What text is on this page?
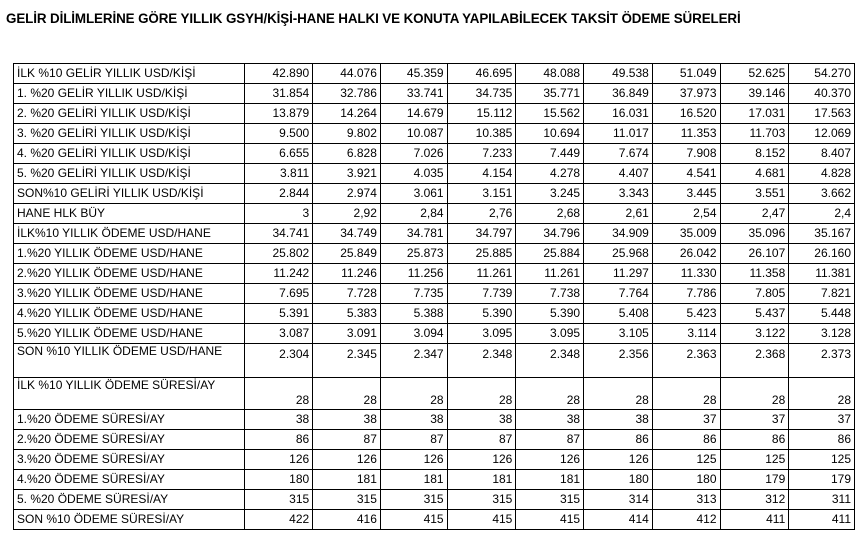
GELİR DİLİMLERİNE GÖRE YILLIK GSYH/KİŞİ-HANE HALKI VE KONUTA YAPILABİLECEK TAKSİT ÖDEME SÜRELERİ
İLK %10 GELİR YILLIK USD/KİŞİ	42.890	44.076	45.359	46.695	48.088	49.538	51.049	52.625	54.270
1. %20 GELİR YILLIK USD/KİŞİ	31.854	32.786	33.741	34.735	35.771	36.849	37.973	39.146	40.370
2. %20 GELİRİ YILLIK USD/KİŞİ	13.879	14.264	14.679	15.112	15.562	16.031	16.520	17.031	17.563
3. %20 GELİRİ YILLIK USD/KİŞİ	9.500	9.802	10.087	10.385	10.694	11.017	11.353	11.703	12.069
4. %20 GELİRİ YILLIK USD/KİŞİ	6.655	6.828	7.026	7.233	7.449	7.674	7.908	8.152	8.407
5. %20 GELİRİ YILLIK USD/KİŞİ	3.811	3.921	4.035	4.154	4.278	4.407	4.541	4.681	4.828
SON%10 GELİRİ YILLIK USD/KİŞİ	2.844	2.974	3.061	3.151	3.245	3.343	3.445	3.551	3.662
HANE HLK BÜY	3	2,92	2,84	2,76	2,68	2,61	2,54	2,47	2,4
İLK%10 YILLIK ÖDEME USD/HANE	34.741	34.749	34.781	34.797	34.796	34.909	35.009	35.096	35.167
1.%20 YILLIK ÖDEME USD/HANE	25.802	25.849	25.873	25.885	25.884	25.968	26.042	26.107	26.160
2.%20 YILLIK ÖDEME USD/HANE	11.242	11.246	11.256	11.261	11.261	11.297	11.330	11.358	11.381
3.%20 YILLIK ÖDEME USD/HANE	7.695	7.728	7.735	7.739	7.738	7.764	7.786	7.805	7.821
4.%20 YILLIK ÖDEME USD/HANE	5.391	5.383	5.388	5.390	5.390	5.408	5.423	5.437	5.448
5.%20 YILLIK ÖDEME USD/HANE	3.087	3.091	3.094	3.095	3.095	3.105	3.114	3.122	3.128
SON %10 YILLIK ÖDEME USD/HANE	2.304	2.345	2.347	2.348	2.348	2.356	2.363	2.368	2.373
İLK %10 YILLIK ÖDEME SÜRESİ/AY	28	28	28	28	28	28	28	28	28
1.%20 ÖDEME SÜRESİ/AY	38	38	38	38	38	38	37	37	37
2.%20 ÖDEME SÜRESİ/AY	86	87	87	87	87	86	86	86	86
3.%20 ÖDEME SÜRESİ/AY	126	126	126	126	126	126	125	125	125
4.%20 ÖDEME SÜRESİ/AY	180	181	181	181	181	180	180	179	179
5. %20 ÖDEME SÜRESİ/AY	315	315	315	315	315	314	313	312	311
SON %10 ÖDEME SÜRESİ/AY	422	416	415	415	415	414	412	411	411
